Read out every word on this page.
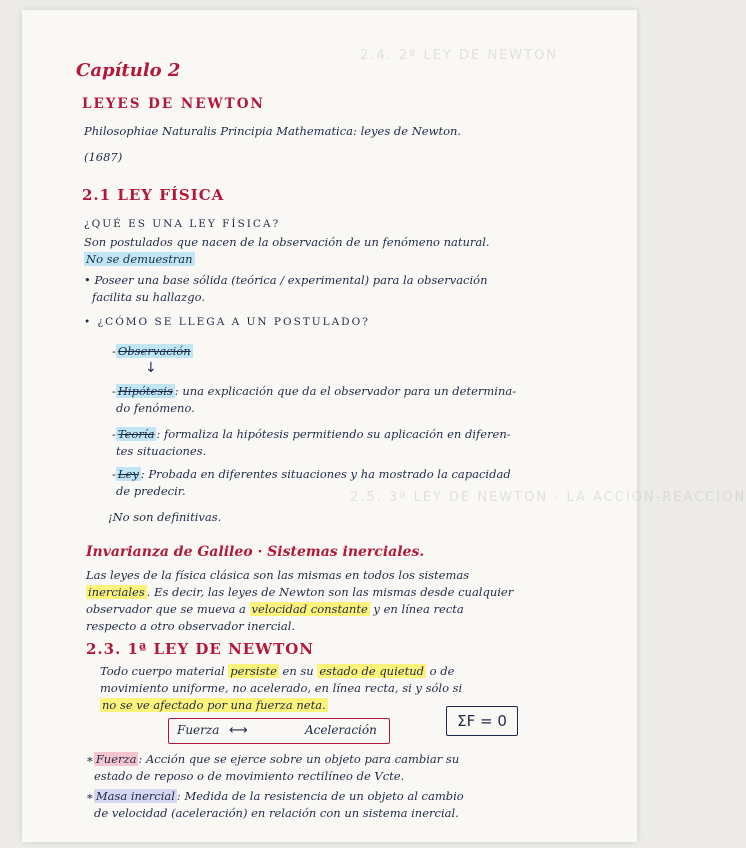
2.4. 2ª LEY DE NEWTON
2.5. 3ª LEY DE NEWTON · LA ACCIÓN-REACCIÓN
Capítulo 2
LEYES DE NEWTON
Philosophiae Naturalis Principia Mathematica: leyes de Newton.
(1687)
2.1 LEY FÍSICA
¿QUÉ ES UNA LEY FÍSICA?
Son postulados que nacen de la observación de un fenómeno natural.
No se demuestran
• Poseer una base sólida (teórica / experimental) para la observación
facilita su hallazgo.
• ¿CÓMO SE LLEGA A UN POSTULADO?
- Observación
↓
- Hipótesis : una explicación que da el observador para un determina-
do fenómeno.
- Teoría : formaliza la hipótesis permitiendo su aplicación en diferen-
tes situaciones.
- Ley : Probada en diferentes situaciones y ha mostrado la capacidad
de predecir.
¡No son definitivas.
Invarianza de Galileo · Sistemas inerciales.
Las leyes de la física clásica son las mismas en todos los sistemas
inerciales . Es decir, las leyes de Newton son las mismas desde cualquier
observador que se mueva a velocidad constante y en línea recta
respecto a otro observador inercial.
2.3. 1ª LEY DE NEWTON
Todo cuerpo material persiste en su estado de quietud o de
movimiento uniforme, no acelerado, en línea recta, si y sólo si
no se ve afectado por una fuerza neta.
Fuerza ⟷	Aceleración	ΣF = 0
∗ Fuerza : Acción que se ejerce sobre un objeto para cambiar su
estado de reposo o de movimiento rectilíneo de Vcte.
∗ Masa inercial : Medida de la resistencia de un objeto al cambio
de velocidad (aceleración) en relación con un sistema inercial.
